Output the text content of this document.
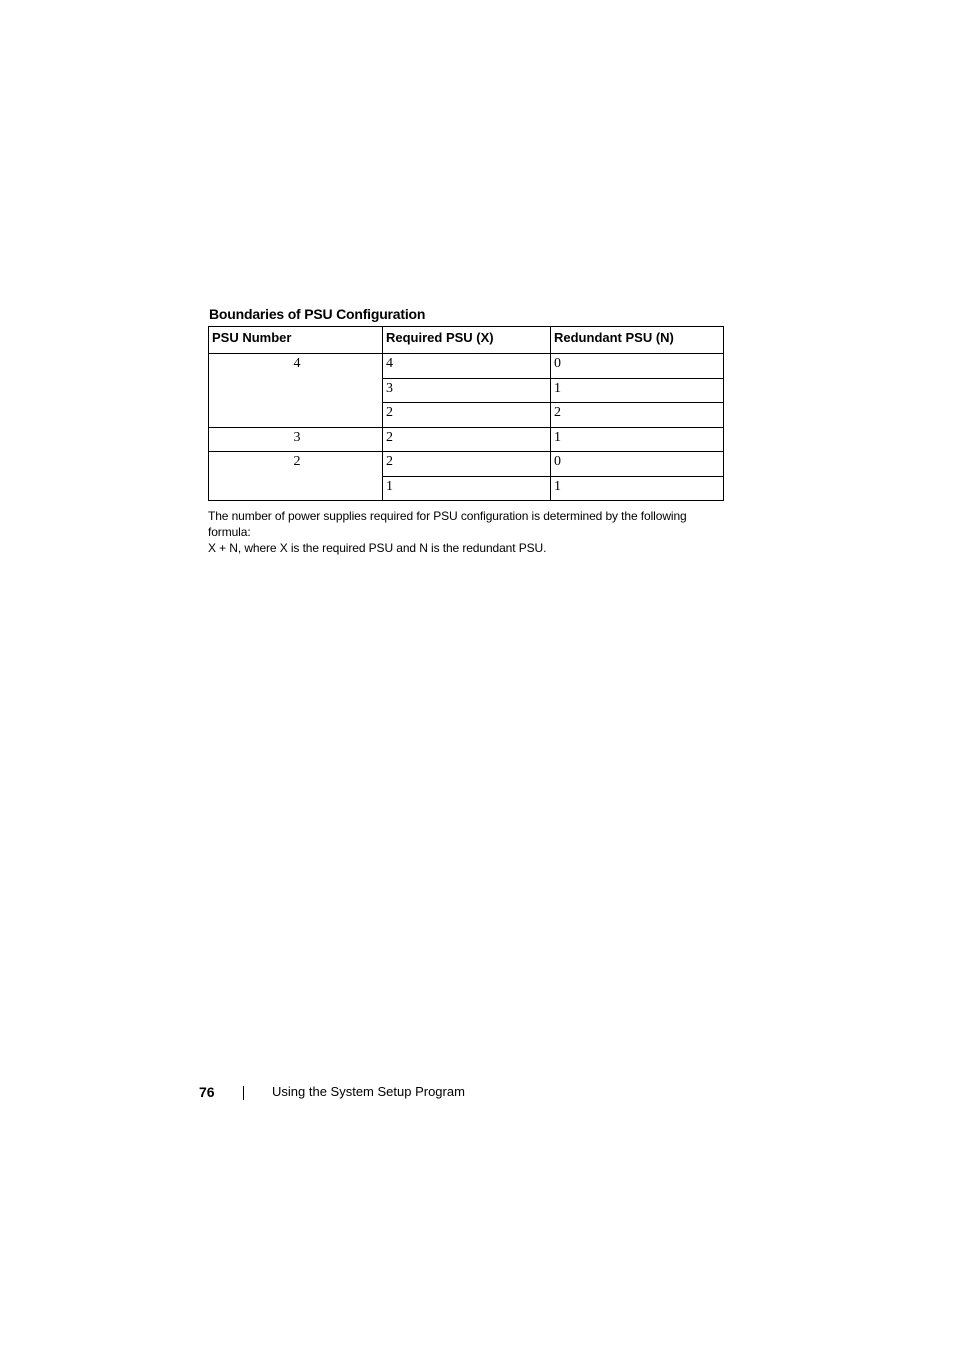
Boundaries of PSU Configuration
PSU Number	Required PSU (X)	Redundant PSU (N)
4	4	0
	3	1
	2	2
3	2	1
2	2	0
	1	1
The number of power supplies required for PSU configuration is determined by the following formula:
X + N, where X is the required PSU and N is the redundant PSU.
76	Using the System Setup Program
